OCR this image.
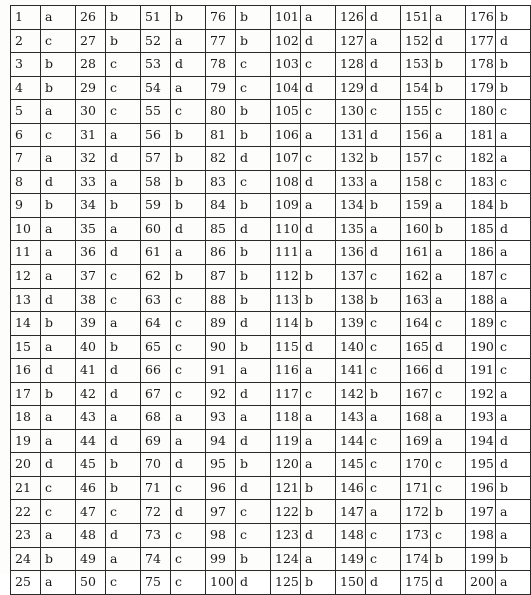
1	a	26	b	51	b	76	b	101	a	126	d	151	a	176	b
2	c	27	b	52	a	77	b	102	d	127	a	152	d	177	d
3	b	28	c	53	d	78	c	103	c	128	d	153	b	178	b
4	b	29	c	54	a	79	c	104	d	129	d	154	b	179	b
5	a	30	c	55	c	80	b	105	c	130	c	155	c	180	c
6	c	31	a	56	b	81	b	106	a	131	d	156	a	181	a
7	a	32	d	57	b	82	d	107	c	132	b	157	c	182	a
8	d	33	a	58	b	83	c	108	d	133	a	158	c	183	c
9	b	34	b	59	b	84	b	109	a	134	b	159	a	184	b
10	a	35	a	60	d	85	d	110	d	135	a	160	b	185	d
11	a	36	d	61	a	86	b	111	a	136	d	161	a	186	a
12	a	37	c	62	b	87	b	112	b	137	c	162	a	187	c
13	d	38	c	63	c	88	b	113	b	138	b	163	a	188	a
14	b	39	a	64	c	89	d	114	b	139	c	164	c	189	c
15	a	40	b	65	c	90	b	115	d	140	c	165	d	190	c
16	d	41	d	66	c	91	a	116	a	141	c	166	d	191	c
17	b	42	d	67	c	92	d	117	c	142	b	167	c	192	a
18	a	43	a	68	a	93	a	118	a	143	a	168	a	193	a
19	a	44	d	69	a	94	d	119	a	144	c	169	a	194	d
20	d	45	b	70	d	95	b	120	a	145	c	170	c	195	d
21	c	46	b	71	c	96	d	121	b	146	c	171	c	196	b
22	c	47	c	72	d	97	c	122	b	147	a	172	b	197	a
23	a	48	d	73	c	98	c	123	d	148	c	173	c	198	a
24	b	49	a	74	c	99	b	124	a	149	c	174	b	199	b
25	a	50	c	75	c	100	d	125	b	150	d	175	d	200	a
